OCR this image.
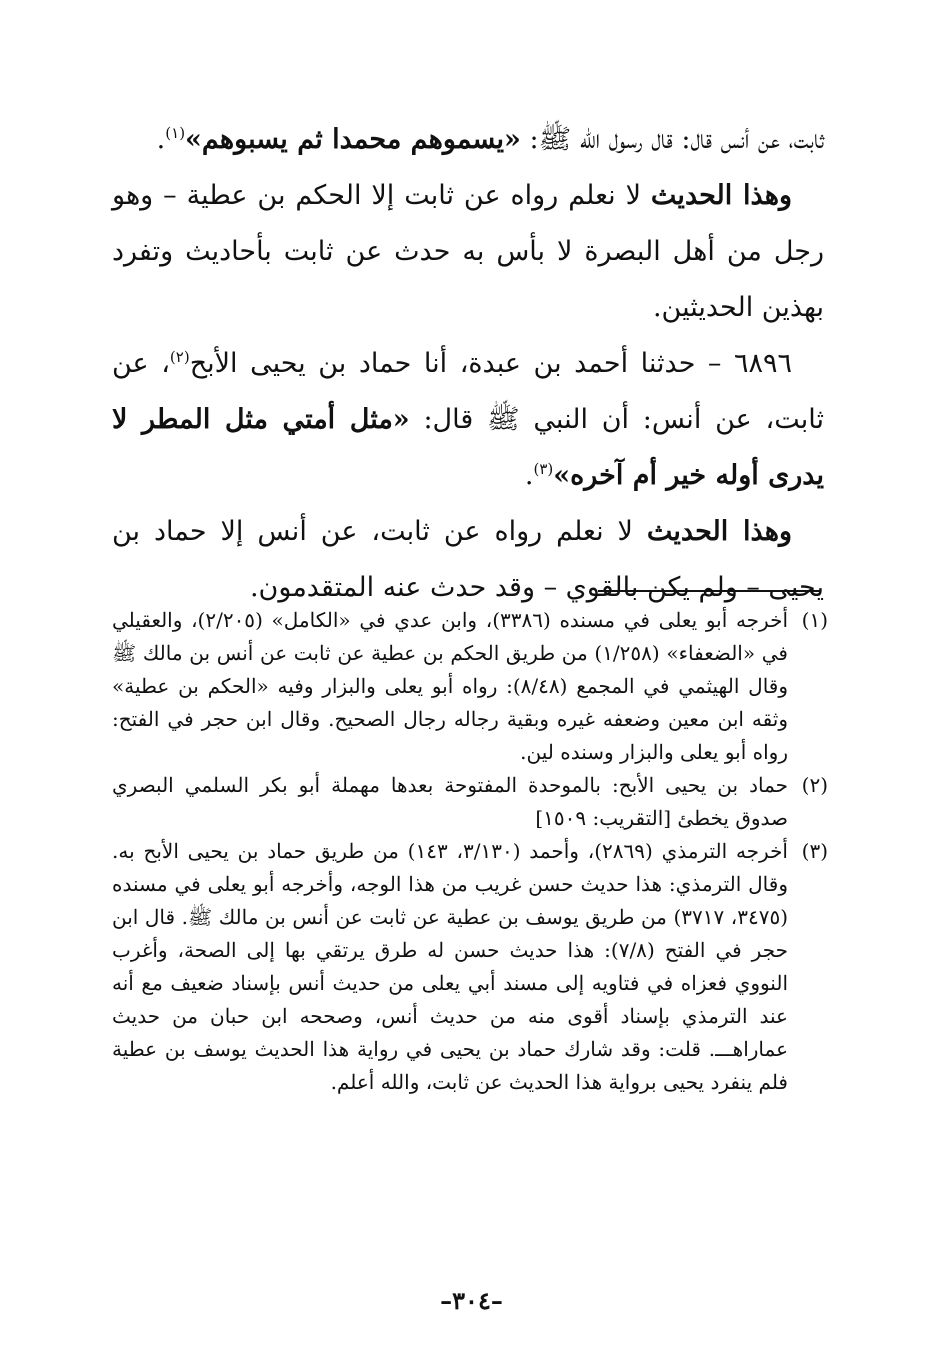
ثابت، عن أنس قال: قال رسول الله ﷺ: «يسموهم محمدا ثم يسبوهم»$^{(١)}$.

وهذا الحديث لا نعلم رواه عن ثابت إلا الحكم بن عطية – وهو رجل من أهل البصرة لا بأس به حدث عن ثابت بأحاديث وتفرد بهذين الحديثين.

٦٨٩٦ – حدثنا أحمد بن عبدة، أنا حماد بن يحيى الأبح$^{(٢)}$، عن ثابت، عن أنس: أن النبي ﷺ قال: «مثل أمتي مثل المطر لا يدرى أوله خير أم آخره»$^{(٣)}$.

وهذا الحديث لا نعلم رواه عن ثابت، عن أنس إلا حماد بن يحيى – ولم يكن بالقوي – وقد حدث عنه المتقدمون.

(١)
أخرجه أبو يعلى في مسنده (٣٣٨٦)، وابن عدي في «الكامل» (٢/٢٠٥)، والعقيلي في «الضعفاء» (١/٢٥٨) من طريق الحكم بن عطية عن ثابت عن أنس بن مالك ﷺ وقال الهيثمي في المجمع (٨/٤٨): رواه أبو يعلى والبزار وفيه «الحكم بن عطية» وثقه ابن معين وضعفه غيره وبقية رجاله رجال الصحيح. وقال ابن حجر في الفتح: رواه أبو يعلى والبزار وسنده لين.
(٢)
حماد بن يحيى الأبح: بالموحدة المفتوحة بعدها مهملة أبو بكر السلمي البصري صدوق يخطئ [التقريب: ١٥٠٩]
(٣)
أخرجه الترمذي (٢٨٦٩)، وأحمد (٣/١٣٠، ١٤٣) من طريق حماد بن يحيى الأبح به. وقال الترمذي: هذا حديث حسن غريب من هذا الوجه، وأخرجه أبو يعلى في مسنده (٣٤٧٥، ٣٧١٧) من طريق يوسف بن عطية عن ثابت عن أنس بن مالك ﷺ. قال ابن حجر في الفتح (٧/٨): هذا حديث حسن له طرق يرتقي بها إلى الصحة، وأغرب النووي فعزاه في فتاويه إلى مسند أبي يعلى من حديث أنس بإسناد ضعيف مع أنه عند الترمذي بإسناد أقوى منه من حديث أنس، وصححه ابن حبان من حديث عماراهـــ. قلت: وقد شارك حماد بن يحيى في رواية هذا الحديث يوسف بن عطية فلم ينفرد يحيى برواية هذا الحديث عن ثابت، والله أعلم.
–٣٠٤–
